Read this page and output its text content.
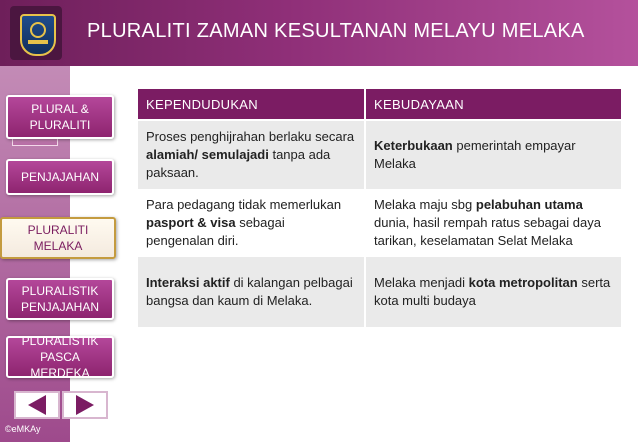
PLURALITI ZAMAN KESULTANAN MELAYU MELAKA
PLURAL &
PLURALITI
PENJAJAHAN
PLURALITI MELAKA
PLURALISTIK
PENJAJAHAN
PLURALISTIK
PASCA MERDEKA
©eMKAy
KEPENDUDUKAN	KEBUDAYAAN
Proses penghijrahan berlaku secara alamiah/ semulajadi tanpa ada paksaan.	Keterbukaan pemerintah empayar Melaka
Para pedagang tidak memerlukan pasport & visa sebagai pengenalan diri.	Melaka maju sbg pelabuhan utama dunia, hasil rempah ratus sebagai daya tarikan, keselamatan Selat Melaka
Interaksi aktif di kalangan pelbagai bangsa dan kaum di Melaka.	Melaka menjadi kota metropolitan serta kota multi budaya
